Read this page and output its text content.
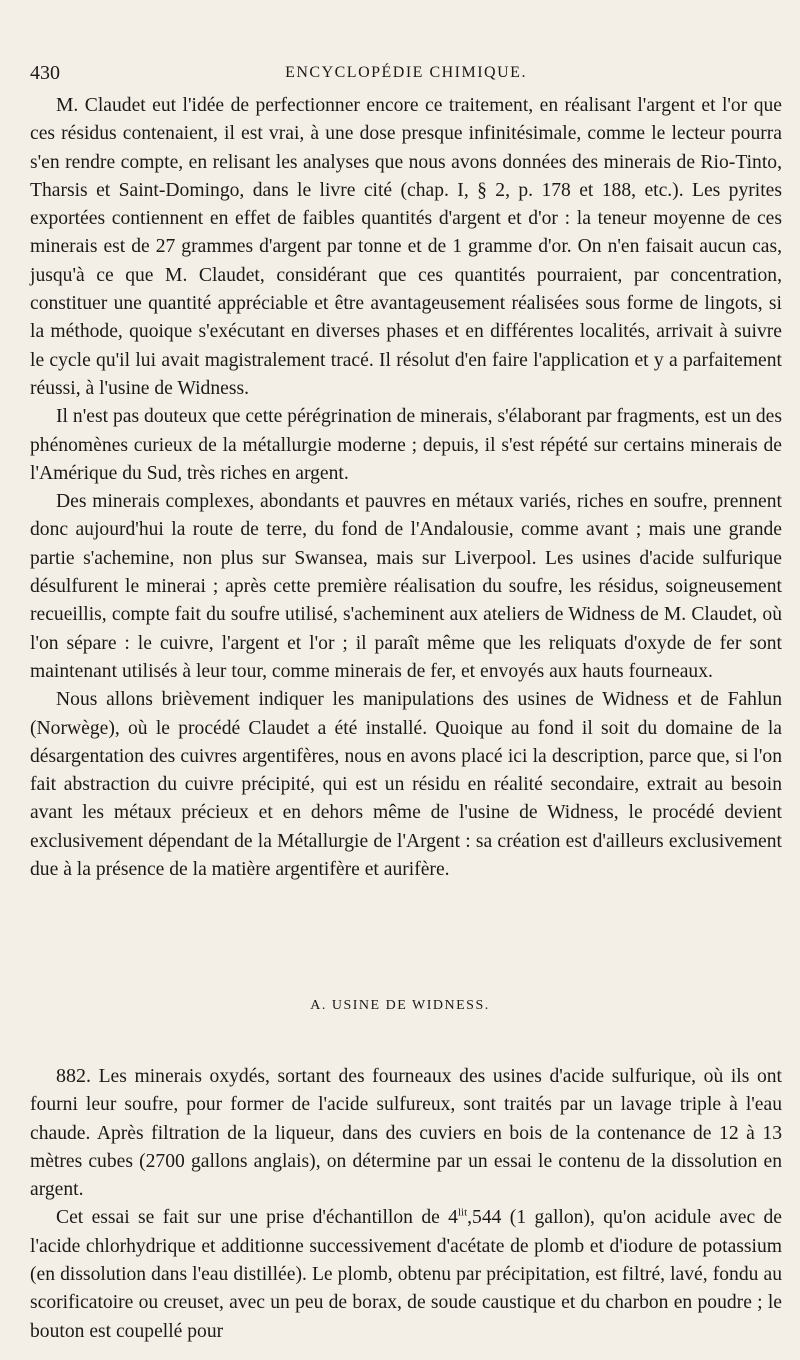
430	ENCYCLOPÉDIE CHIMIQUE.

M. Claudet eut l'idée de perfectionner encore ce traitement, en réalisant l'argent et l'or que ces résidus contenaient, il est vrai, à une dose presque infinitésimale, comme le lecteur pourra s'en rendre compte, en relisant les analyses que nous avons données des minerais de Rio-Tinto, Tharsis et Saint-Domingo, dans le livre cité (chap. I, § 2, p. 178 et 188, etc.). Les pyrites exportées contiennent en effet de faibles quantités d'argent et d'or : la teneur moyenne de ces minerais est de 27 grammes d'argent par tonne et de 1 gramme d'or. On n'en faisait aucun cas, jusqu'à ce que M. Claudet, considérant que ces quantités pourraient, par concentration, constituer une quantité appréciable et être avantageusement réalisées sous forme de lingots, si la méthode, quoique s'exécutant en diverses phases et en différentes localités, arrivait à suivre le cycle qu'il lui avait magistralement tracé. Il résolut d'en faire l'application et y a parfaitement réussi, à l'usine de Widness.

Il n'est pas douteux que cette pérégrination de minerais, s'élaborant par fragments, est un des phénomènes curieux de la métallurgie moderne ; depuis, il s'est répété sur certains minerais de l'Amérique du Sud, très riches en argent.

Des minerais complexes, abondants et pauvres en métaux variés, riches en soufre, prennent donc aujourd'hui la route de terre, du fond de l'Andalousie, comme avant ; mais une grande partie s'achemine, non plus sur Swansea, mais sur Liverpool. Les usines d'acide sulfurique désulfurent le minerai ; après cette première réalisation du soufre, les résidus, soigneusement recueillis, compte fait du soufre utilisé, s'acheminent aux ateliers de Widness de M. Claudet, où l'on sépare : le cuivre, l'argent et l'or ; il paraît même que les reliquats d'oxyde de fer sont maintenant utilisés à leur tour, comme minerais de fer, et envoyés aux hauts fourneaux.

Nous allons brièvement indiquer les manipulations des usines de Widness et de Fahlun (Norwège), où le procédé Claudet a été installé. Quoique au fond il soit du domaine de la désargentation des cuivres argentifères, nous en avons placé ici la description, parce que, si l'on fait abstraction du cuivre précipité, qui est un résidu en réalité secondaire, extrait au besoin avant les métaux précieux et en dehors même de l'usine de Widness, le procédé devient exclusivement dépendant de la Métallurgie de l'Argent : sa création est d'ailleurs exclusivement due à la présence de la matière argentifère et aurifère.

A. USINE DE WIDNESS.

882. Les minerais oxydés, sortant des fourneaux des usines d'acide sulfurique, où ils ont fourni leur soufre, pour former de l'acide sulfureux, sont traités par un lavage triple à l'eau chaude. Après filtration de la liqueur, dans des cuviers en bois de la contenance de 12 à 13 mètres cubes (2700 gallons anglais), on détermine par un essai le contenu de la dissolution en argent.

Cet essai se fait sur une prise d'échantillon de $4^{lit},544$ (1 gallon), qu'on acidule avec de l'acide chlorhydrique et additionne successivement d'acétate de plomb et d'iodure de potassium (en dissolution dans l'eau distillée). Le plomb, obtenu par précipitation, est filtré, lavé, fondu au scorificatoire ou creuset, avec un peu de borax, de soude caustique et du charbon en poudre ; le bouton est coupellé pour
